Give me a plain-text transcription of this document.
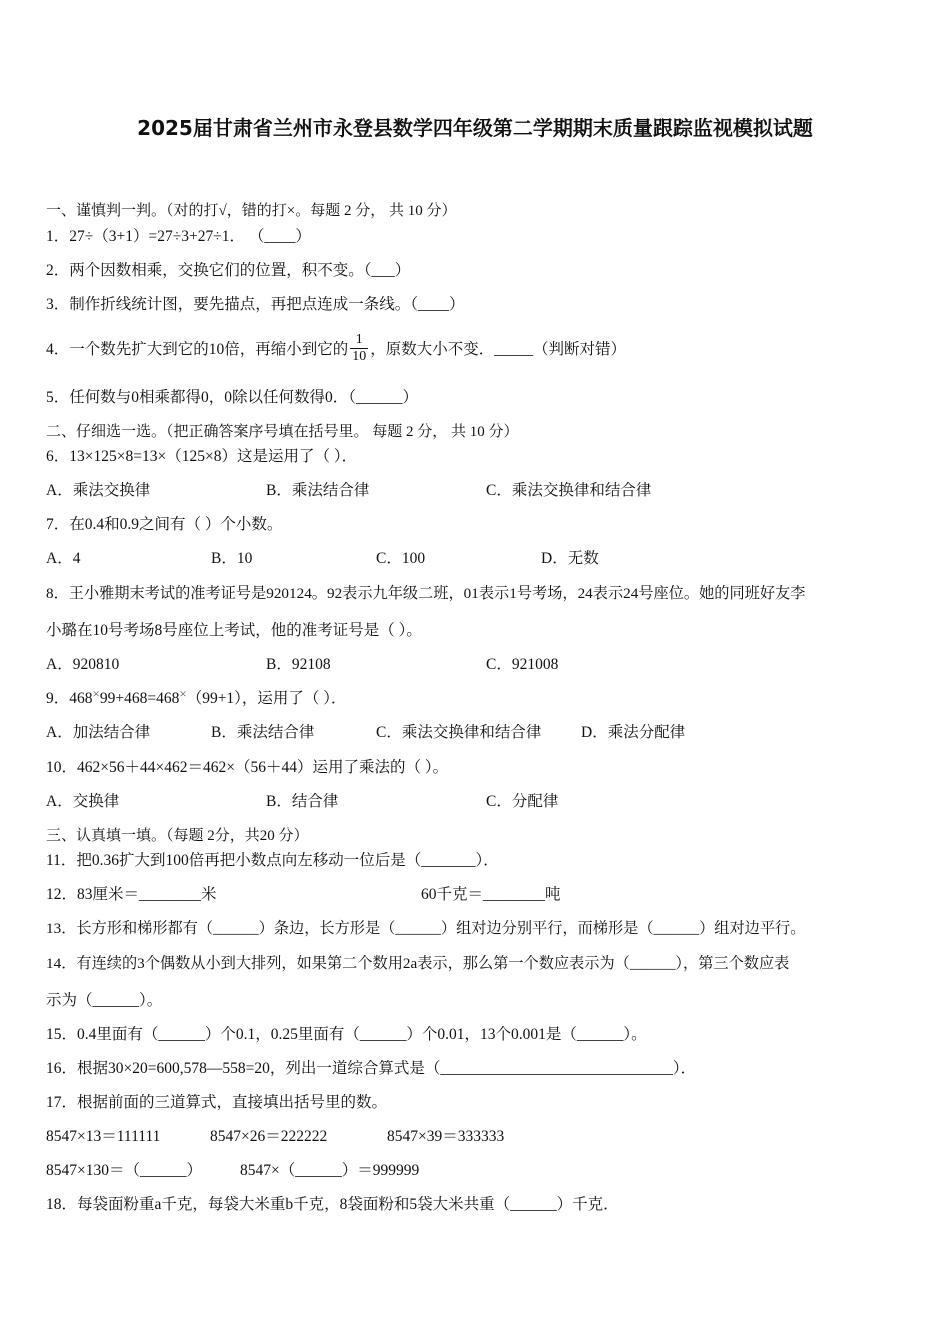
2025届甘肃省兰州市永登县数学四年级第二学期期末质量跟踪监视模拟试题
一、谨慎判一判。（对的打√，错的打×。每题 2 分， 共 10 分）
1．27÷（3+1）=27÷3+27÷1． （____）
2．两个因数相乘，交换它们的位置，积不变。（___）
3．制作折线统计图，要先描点，再把点连成一条线。（____）
4．一个数先扩大到它的10倍，再缩小到它的 $\frac{1}{10}$ ，原数大小不变．_____（判断对错）
5．任何数与0相乘都得0，0除以任何数得0．（______）
二、仔细选一选。（把正确答案序号填在括号里。 每题 2 分， 共 10 分）
6．13×125×8=13×（125×8）这是运用了（ ）．
A．乘法交换律	B．乘法结合律	C．乘法交换律和结合律
7．在0.4和0.9之间有（ ）个小数。
A．4	B．10	C．100	D．无数
8．王小雅期末考试的准考证号是920124。92表示九年级二班，01表示1号考场，24表示24号座位。她的同班好友李
小璐在10号考场8号座位上考试，他的准考证号是（ ）。
A．920810	B．92108	C．921008
9．468×99+468=468×（99+1），运用了（ ）．
A．加法结合律	B．乘法结合律	C．乘法交换律和结合律	D．乘法分配律
10．462×56＋44×462＝462×（56＋44）运用了乘法的（ ）。
A．交换律	B．结合律	C．分配律
三、认真填一填。（每题 2分，共20 分）
11．把0.36扩大到100倍再把小数点向左移动一位后是（_______）．
12．83厘米＝________米	60千克＝________吨
13．长方形和梯形都有（______）条边，长方形是（______）组对边分别平行，而梯形是（______）组对边平行。
14．有连续的3个偶数从小到大排列，如果第二个数用2a表示，那么第一个数应表示为（______），第三个数应表
示为（______）。
15．0.4里面有（______）个0.1，0.25里面有（______）个0.01，13个0.001是（______）。
16．根据30×20=600,578—558=20，列出一道综合算式是（______________________________）．
17．根据前面的三道算式，直接填出括号里的数。
8547×13＝111111	8547×26＝222222	8547×39＝333333
8547×130＝（______） 8547×（______）＝999999
18．每袋面粉重a千克，每袋大米重b千克，8袋面粉和5袋大米共重（______）千克．
